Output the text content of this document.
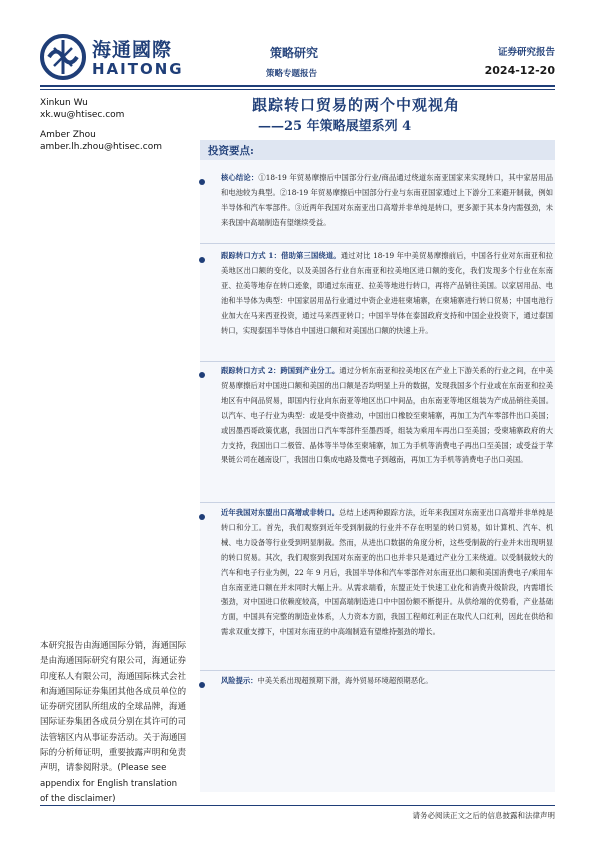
海通國際
HAITONG
策略研究
策略专题报告
证券研究报告
2024-12-20
Xinkun Wu
xk.wu@htisec.com
Amber Zhou
amber.lh.zhou@htisec.com
跟踪转口贸易的两个中观视角
——25 年策略展望系列 4
投资要点:

核心结论：①18-19 年贸易摩擦后中国部分行业/商品通过绕道东南亚国家来实现转口，其中家居用品和电池较为典型。②18-19 年贸易摩擦后中国部分行业与东南亚国家通过上下游分工来避开制裁，例如半导体和汽车零部件。③近两年我国对东南亚出口高增并非单纯是转口，更多源于其本身内需强劲，未来我国中高端制造有望继续受益。

跟踪转口方式 1：借助第三国绕道。通过对比 18-19 年中美贸易摩擦前后，中国各行业对东南亚和拉美地区出口额的变化，以及美国各行业自东南亚和拉美地区进口额的变化，我们发现多个行业在东南亚、拉美等地存在转口迹象，即通过东南亚、拉美等地进行转口，再将产品销往美国。以家居用品、电池和半导体为典型：中国家居用品行业通过中资企业进驻柬埔寨，在柬埔寨进行转口贸易；中国电池行业加大在马来西亚投资，通过马来西亚转口；中国半导体在泰国政府支持和中国企业投资下，通过泰国转口，实现泰国半导体自中国进口额和对美国出口额的快速上升。

跟踪转口方式 2：跨国到产业分工。通过分析东南亚和拉美地区在产业上下游关系的行业之间，在中美贸易摩擦后对中国进口额和美国的出口额是否均明显上升的数据，发现我国多个行业或在东南亚和拉美地区有中间品贸易，即国内行业向东南亚等地区出口中间品，由东南亚等地区组装为产成品销往美国。以汽车、电子行业为典型：或是受中资推动，中国出口橡胶至柬埔寨，再加工为汽车零部件出口美国；或因墨西哥政策优惠，我国出口汽车零部件至墨西哥，组装为乘用车再出口至美国；受柬埔寨政府的大力支持，我国出口二极管、晶体等半导体至柬埔寨，加工为手机等消费电子再出口至美国；或受益于苹果链公司在越南设厂，我国出口集成电路及微电子到越南，再加工为手机等消费电子出口美国。

近年我国对东盟出口高增或非转口。总结上述两种跟踪方法，近年来我国对东南亚出口高增并非单纯是转口和分工。首先，我们观察到近年受到制裁的行业并不存在明显的转口贸易，如计算机、汽车、机械、电力设备等行业受到明显制裁。然而，从进出口数据的角度分析，这些受制裁的行业并未出现明显的转口贸易。其次，我们观察到我国对东南亚的出口也并非只是通过产业分工来绕道。以受制裁较大的汽车和电子行业为例，22 年 9 月后，我国半导体和汽车零部件对东南亚出口额和美国消费电子/乘用车自东南亚进口额在并未同时大幅上升。从需求端看，东盟正处于快速工业化和消费升级阶段，内需增长强劲，对中国进口依赖度较高，中国高端制造进口中中国份额不断提升。从供给端的优势看，产业基础方面，中国具有完整的制造业体系，人力资本方面，我国工程师红利正在取代人口红利，因此在供给和需求双重支撑下，中国对东南亚的中高端制造有望维持强劲的增长。

风险提示：中美关系出现超预期下滑，海外贸易环境超预期恶化。

本研究报告由海通国际分销，海通国际是由海通国际研究有限公司，海通证券印度私人有限公司，海通国际株式会社和海通国际证券集团其他各成员单位的证券研究团队所组成的全球品牌，海通国际证券集团各成员分别在其许可的司法管辖区内从事证券活动。关于海通国际的分析师证明，重要披露声明和免责声明，请参阅附录。(Please see appendix for English translation of the disclaimer)

请务必阅读正文之后的信息披露和法律声明
